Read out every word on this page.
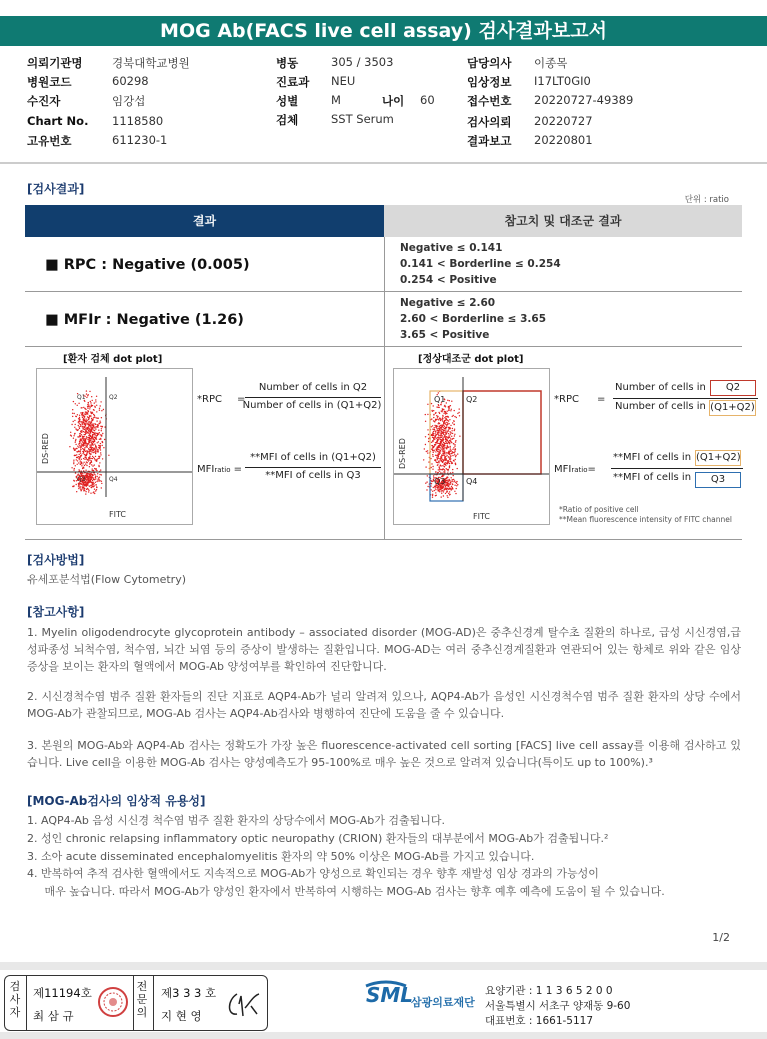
MOG Ab(FACS live cell assay) 검사결과보고서
의뢰기관명	경북대학교병원
병원코드	60298
수진자	임강섭
Chart No. 1118580
고유번호	611230-1
병동	305 / 3503
진료과 NEU
성별	M	나이 60
검체	SST Serum
담당의사 이종목
임상정보 I17LT0GI0
접수번호 20220727-49389
검사의뢰 20220727
결과보고 20220801
[검사결과]
단위 : ratio
결과	참고치 및 대조군 결과
■ RPC : Negative (0.005)
Negative ≤ 0.141
0.141 < Borderline ≤ 0.254
0.254 < Positive
■ MFIr : Negative (1.26)
Negative ≤ 2.60
2.60 < Borderline ≤ 3.65
3.65 < Positive
[환자 검체 dot plot]	[정상대조군 dot plot]
Q1	Q2
Q3	Q4
FITC
DS-RED
*RPC =
Number of cells in Q2
Number of cells in (Q1+Q2)
MFIratio =
**MFI of cells in (Q1+Q2)
**MFI of cells in Q3
Q1	Q2
Q3	Q4
FITC
DS-RED
*RPC =
Number of cells in	Q2
Number of cells in (Q1+Q2)
MFIratio=
**MFI of cells in (Q1+Q2)
**MFI of cells in	Q3
*Ratio of positive cell
**Mean fluorescence intensity of FITC channel
[검사방법]
유세포분석법(Flow Cytometry)
[참고사항]
1. Myelin oligodendrocyte glycoprotein antibody – associated disorder (MOG-AD)은 중추신경계 탈수초 질환의 하나로, 급성 시신경염,급성파종성 뇌척수염, 척수염, 뇌간 뇌염 등의 증상이 발생하는 질환입니다. MOG-AD는 여러 중추신경계질환과 연관되어 있는 항체로 위와 같은 임상 증상을 보이는 환자의 혈액에서 MOG-Ab 양성여부를 확인하여 진단합니다.
2. 시신경척수염 범주 질환 환자들의 진단 지표로 AQP4-Ab가 널리 알려져 있으나, AQP4-Ab가 음성인 시신경척수염 범주 질환 환자의 상당 수에서 MOG-Ab가 관찰되므로, MOG-Ab 검사는 AQP4-Ab검사와 병행하여 진단에 도움을 줄 수 있습니다.
3. 본원의 MOG-Ab와 AQP4-Ab 검사는 정확도가 가장 높은 fluorescence-activated cell sorting [FACS] live cell assay를 이용해 검사하고 있습니다. Live cell을 이용한 MOG-Ab 검사는 양성예측도가 95-100%로 매우 높은 것으로 알려져 있습니다(특이도 up to 100%).³
[MOG-Ab검사의 임상적 유용성]
1. AQP4-Ab 음성 시신경 척수염 범주 질환 환자의 상당수에서 MOG-Ab가 검출됩니다.
2. 성인 chronic relapsing inflammatory optic neuropathy (CRION) 환자들의 대부분에서 MOG-Ab가 검출됩니다.²
3. 소아 acute disseminated encephalomyelitis 환자의 약 50% 이상은 MOG-Ab를 가지고 있습니다.
4. 반복하여 추적 검사한 혈액에서도 지속적으로 MOG-Ab가 양성으로 확인되는 경우 향후 재발성 임상 경과의 가능성이
매우 높습니다. 따라서 MOG-Ab가 양성인 환자에서 반복하여 시행하는 MOG-Ab 검사는 향후 예후 예측에 도움이 될 수 있습니다.
1/2
검사자
제11194호
최 삼 규
전문의
제3 3 3 호
지 현 영
SML
삼광의료재단
요양기관 : 1 1 3 6 5 2 0 0
서울특별시 서초구 양재동 9-60
대표번호 : 1661-5117
